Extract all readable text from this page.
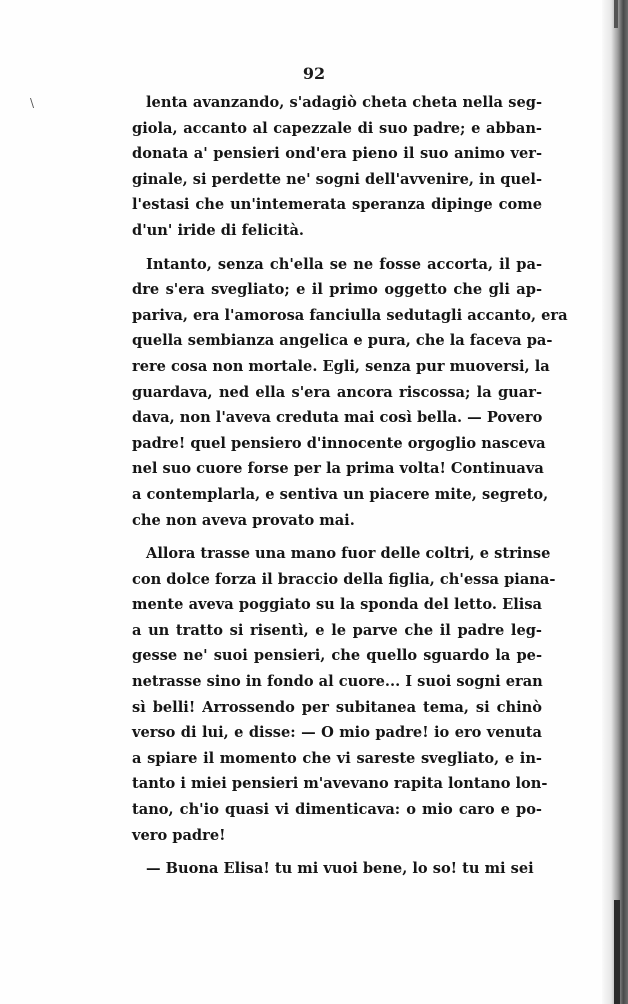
\
92
lenta avanzando, s'adagiò cheta cheta nella seg-
giola, accanto al capezzale di suo padre; e abban-
donata a' pensieri ond'era pieno il suo animo ver-
ginale, si perdette ne' sogni dell'avvenire, in quel-
l'estasi che un'intemerata speranza dipinge come
d'un' iride di felicità.
Intanto, senza ch'ella se ne fosse accorta, il pa-
dre s'era svegliato; e il primo oggetto che gli ap-
pariva, era l'amorosa fanciulla sedutagli accanto, era
quella sembianza angelica e pura, che la faceva pa-
rere cosa non mortale. Egli, senza pur muoversi, la
guardava, ned ella s'era ancora riscossa; la guar-
dava, non l'aveva creduta mai così bella. — Povero
padre! quel pensiero d'innocente orgoglio nasceva
nel suo cuore forse per la prima volta! Continuava
a contemplarla, e sentiva un piacere mite, segreto,
che non aveva provato mai.
Allora trasse una mano fuor delle coltri, e strinse
con dolce forza il braccio della figlia, ch'essa piana-
mente aveva poggiato su la sponda del letto. Elisa
a un tratto si risentì, e le parve che il padre leg-
gesse ne' suoi pensieri, che quello sguardo la pe-
netrasse sino in fondo al cuore... I suoi sogni eran
sì belli! Arrossendo per subitanea tema, si chinò
verso di lui, e disse: — O mio padre! io ero venuta
a spiare il momento che vi sareste svegliato, e in-
tanto i miei pensieri m'avevano rapita lontano lon-
tano, ch'io quasi vi dimenticava: o mio caro e po-
vero padre!
— Buona Elisa! tu mi vuoi bene, lo so! tu mi sei
